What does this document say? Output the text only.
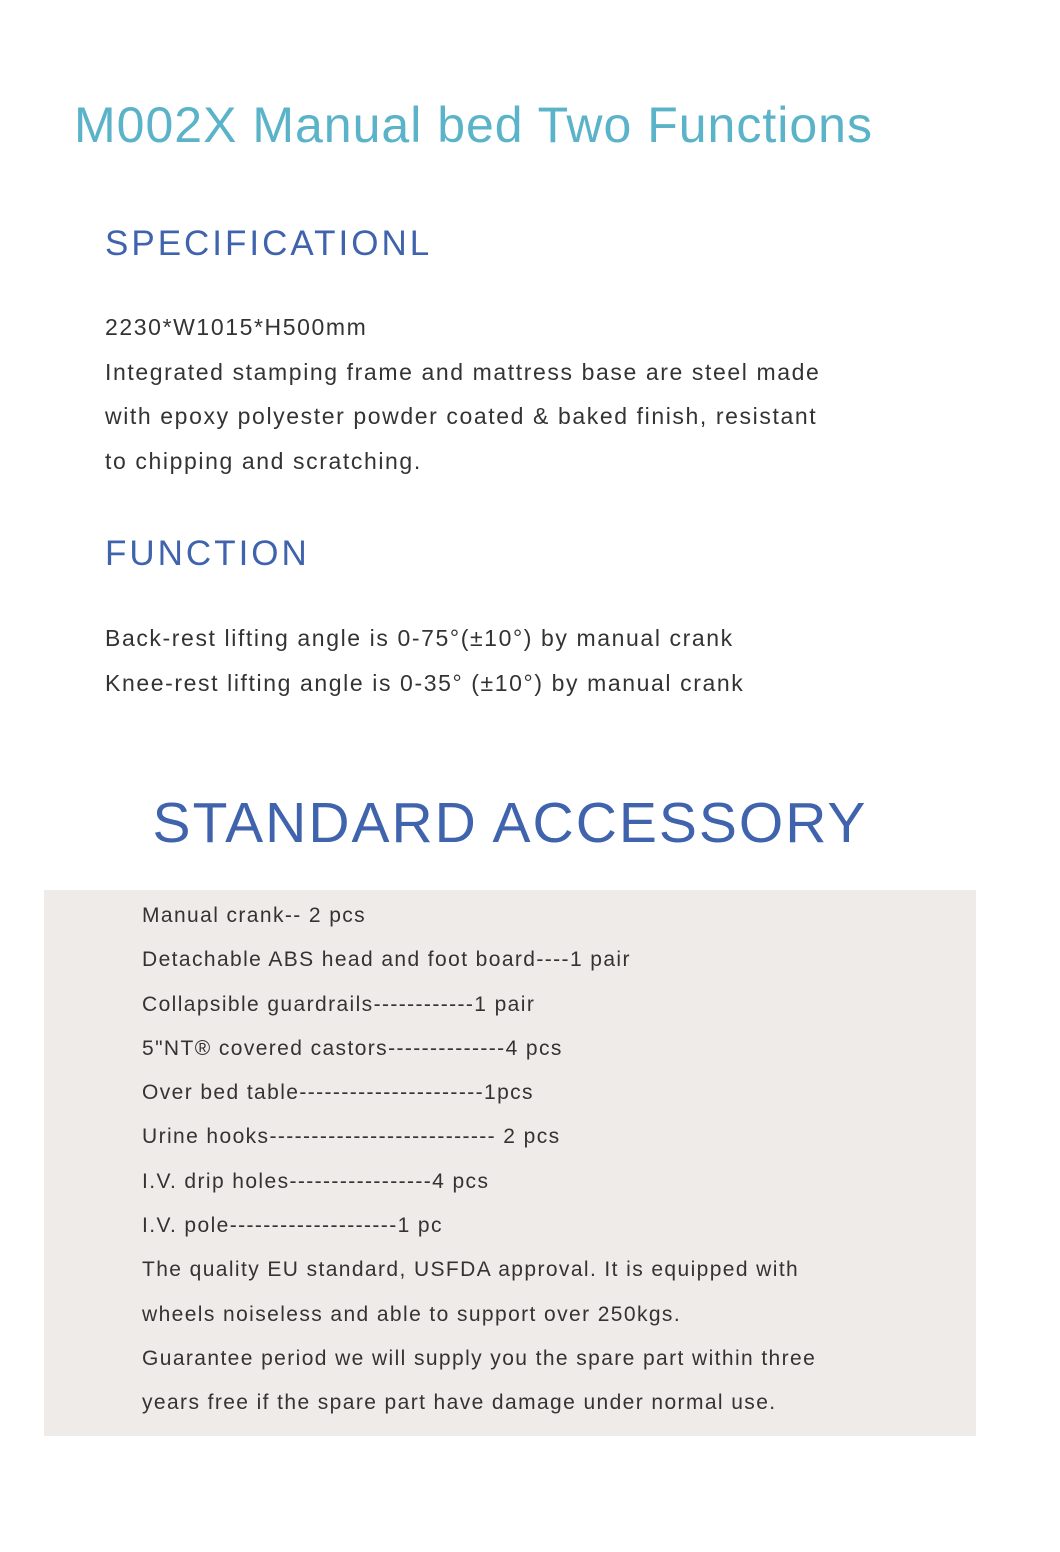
M002X Manual bed Two Functions
SPECIFICATIONL
2230*W1015*H500mm
Integrated stamping frame and mattress base are steel made
with epoxy polyester powder coated & baked finish, resistant
to chipping and scratching.
FUNCTION
Back-rest lifting angle is 0-75°(±10°) by manual crank
Knee-rest lifting angle is 0-35° (±10°) by manual crank
STANDARD ACCESSORY
Manual crank-- 2 pcs
Detachable ABS head and foot board----1 pair
Collapsible guardrails------------1 pair
5"NT® covered castors--------------4 pcs
Over bed table----------------------1pcs
Urine hooks--------------------------- 2 pcs
I.V. drip holes-----------------4 pcs
I.V. pole--------------------1 pc
The quality EU standard, USFDA approval. It is equipped with
wheels noiseless and able to support over 250kgs.
Guarantee period we will supply you the spare part within three
years free if the spare part have damage under normal use.
